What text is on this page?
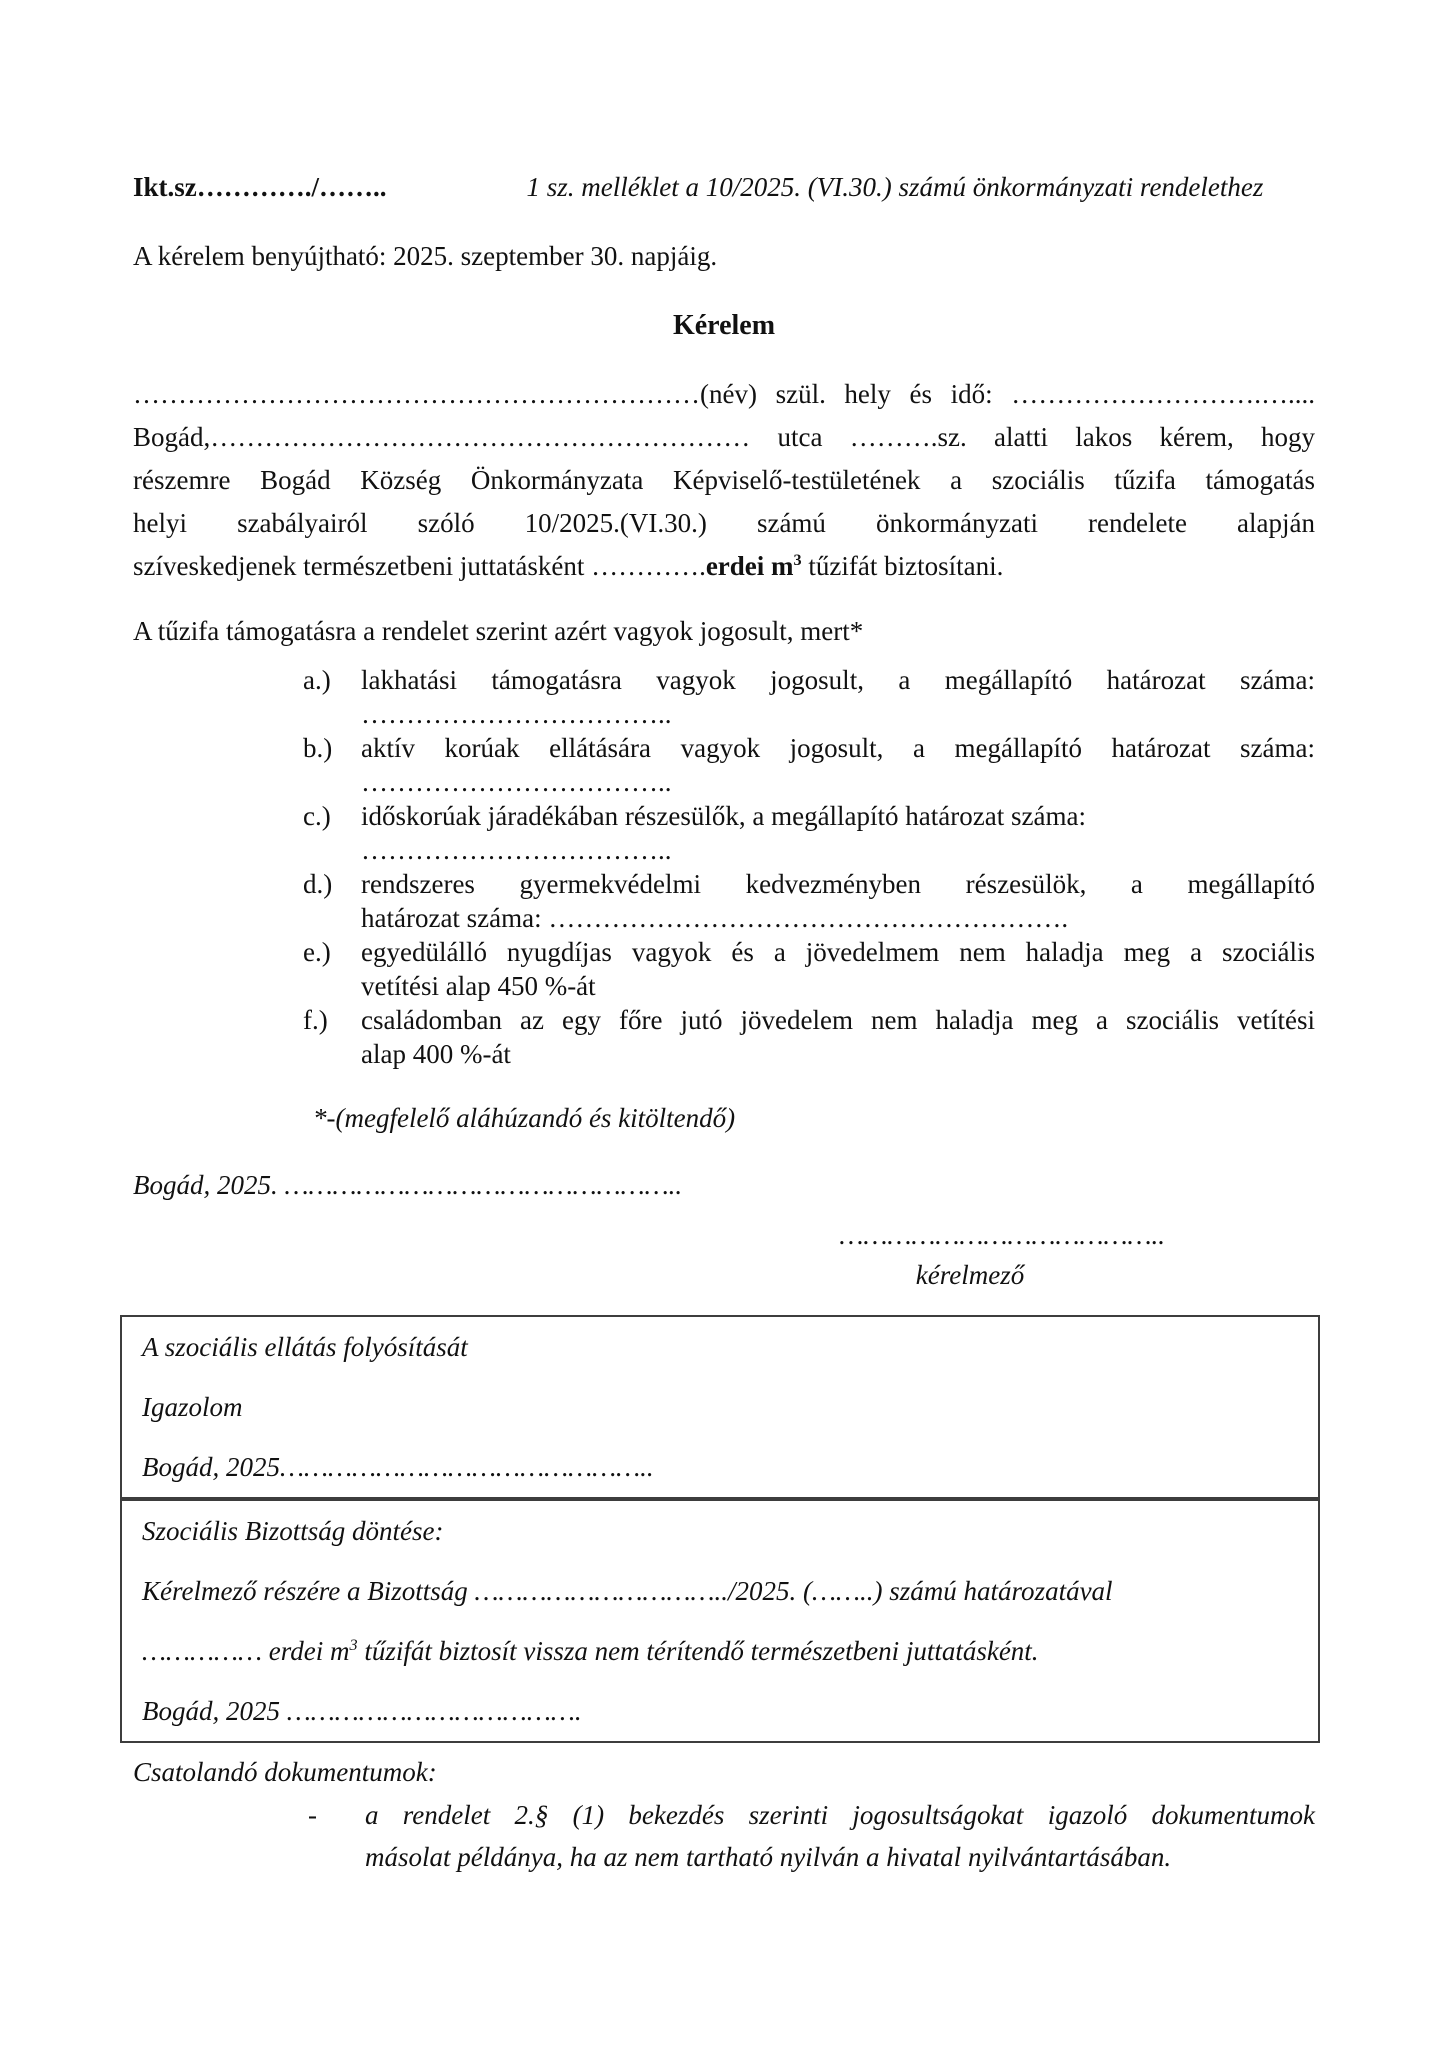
Ikt.sz…………./……..	1 sz. melléklet a 10/2025. (VI.30.) számú önkormányzati rendelethez

A kérelem benyújtható: 2025. szeptember 30. napjáig.

Kérelem
………………………………………………………(név) szül. hely és idő: ……………………….…....
Bogád,…………………………………………………… utca ……….sz. alatti lakos kérem, hogy
részemre Bogád Község Önkormányzata Képviselő-testületének a szociális tűzifa támogatás
helyi szabályairól szóló 10/2025.(VI.30.) számú önkormányzati rendelete alapján
szíveskedjenek természetbeni juttatásként ………….erdei $m^3$ tűzifát biztosítani.

A tűzifa támogatásra a rendelet szerint azért vagyok jogosult, mert*

a.)	lakhatási támogatásra vagyok jogosult, a megállapító határozat száma:
……………………………..
b.)	aktív korúak ellátására vagyok jogosult, a megállapító határozat száma:
……………………………..
c.)	időskorúak járadékában részesülők, a megállapító határozat száma:
……………………………..
d.)	rendszeres gyermekvédelmi kedvezményben részesülök, a megállapító
határozat száma: ………………………………………………….
e.)	egyedülálló nyugdíjas vagyok és a jövedelmem nem haladja meg a szociális
vetítési alap 450 %-át
f.)	családomban az egy főre jutó jövedelem nem haladja meg a szociális vetítési
alap 400 %-át

*-(megfelelő aláhúzandó és kitöltendő)

Bogád, 2025. …………………………………………..

…………………………………..
kérelmező
A szociális ellátás folyósítását
Igazolom
Bogád, 2025………………………………………..
Szociális Bizottság döntése:
Kérelmező részére a Bizottság …………………………../2025. (……..) számú határozatával
…………… erdei $m^3$ tűzifát biztosít vissza nem térítendő természetbeni juttatásként.
Bogád, 2025 ……………………………….

Csatolandó dokumentumok:

-	a rendelet 2.§ (1) bekezdés szerinti jogosultságokat igazoló dokumentumok
másolat példánya, ha az nem tartható nyilván a hivatal nyilvántartásában.
